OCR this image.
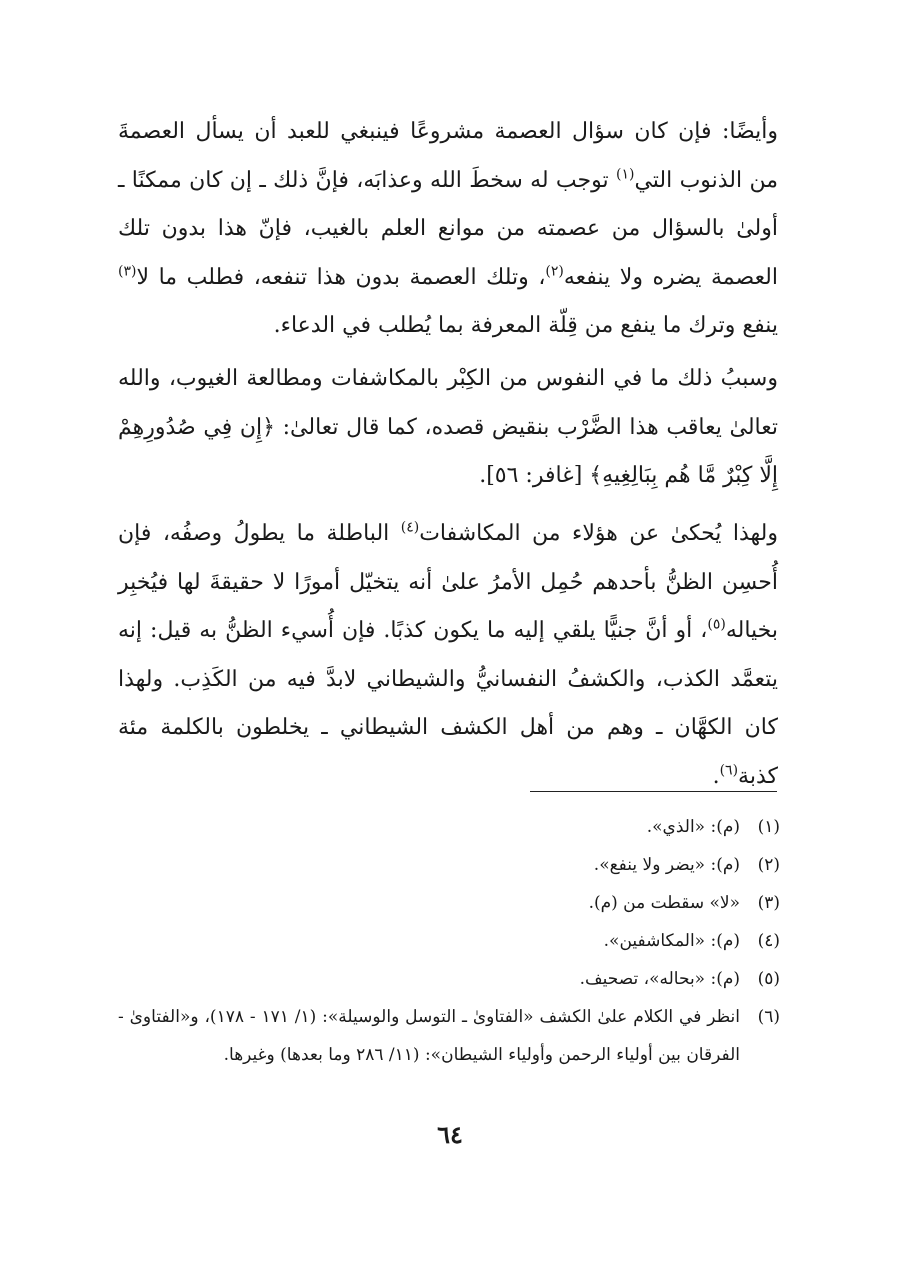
وأيضًا: فإن كان سؤال العصمة مشروعًا فينبغي للعبد أن يسأل العصمةَ من الذنوب التي$^{(١)}$ توجب له سخطَ الله وعذابَه، فإنَّ ذلك ـ إن كان ممكنًا ـ أولىٰ بالسؤال من عصمته من موانع العلم بالغيب، فإنّ هذا بدون تلك العصمة يضره ولا ينفعه$^{(٢)}$، وتلك العصمة بدون هذا تنفعه، فطلب ما لا$^{(٣)}$ ينفع وترك ما ينفع من قِلّة المعرفة بما يُطلب في الدعاء.

وسببُ ذلك ما في النفوس من الكِبْر بالمكاشفات ومطالعة الغيوب، والله تعالىٰ يعاقب هذا الضَّرْب بنقيض قصده، كما قال تعالىٰ: ﴿إِن فِي صُدُورِهِمْ إِلَّا كِبْرٌ مَّا هُم بِبَالِغِيهِ﴾ [غافر: ٥٦].

ولهذا يُحكىٰ عن هؤلاء من المكاشفات$^{(٤)}$ الباطلة ما يطولُ وصفُه، فإن أُحسِن الظنُّ بأحدهم حُمِل الأمرُ علىٰ أنه يتخيّل أمورًا لا حقيقةَ لها فيُخبِر بخياله$^{(٥)}$، أو أنَّ جنيًّا يلقي إليه ما يكون كذبًا. فإن أُسيء الظنُّ به قيل: إنه يتعمَّد الكذب، والكشفُ النفسانيُّ والشيطاني لابدَّ فيه من الكَذِب. ولهذا كان الكهَّان ـ وهم من أهل الكشف الشيطاني ـ يخلطون بالكلمة مئة كذبة$^{(٦)}$.

(١)
(م): «الذي».
(٢)
(م): «يضر ولا ينفع».
(٣)
«لا» سقطت من (م).
(٤)
(م): «المكاشفين».
(٥)
(م): «بحاله»، تصحيف.
(٦)
انظر في الكلام علىٰ الكشف «الفتاوىٰ ـ التوسل والوسيلة»: (١/ ١٧١ - ١٧٨)، و«الفتاوىٰ - الفرقان بين أولياء الرحمن وأولياء الشيطان»: (١١/ ٢٨٦ وما بعدها) وغيرها.
٦٤
